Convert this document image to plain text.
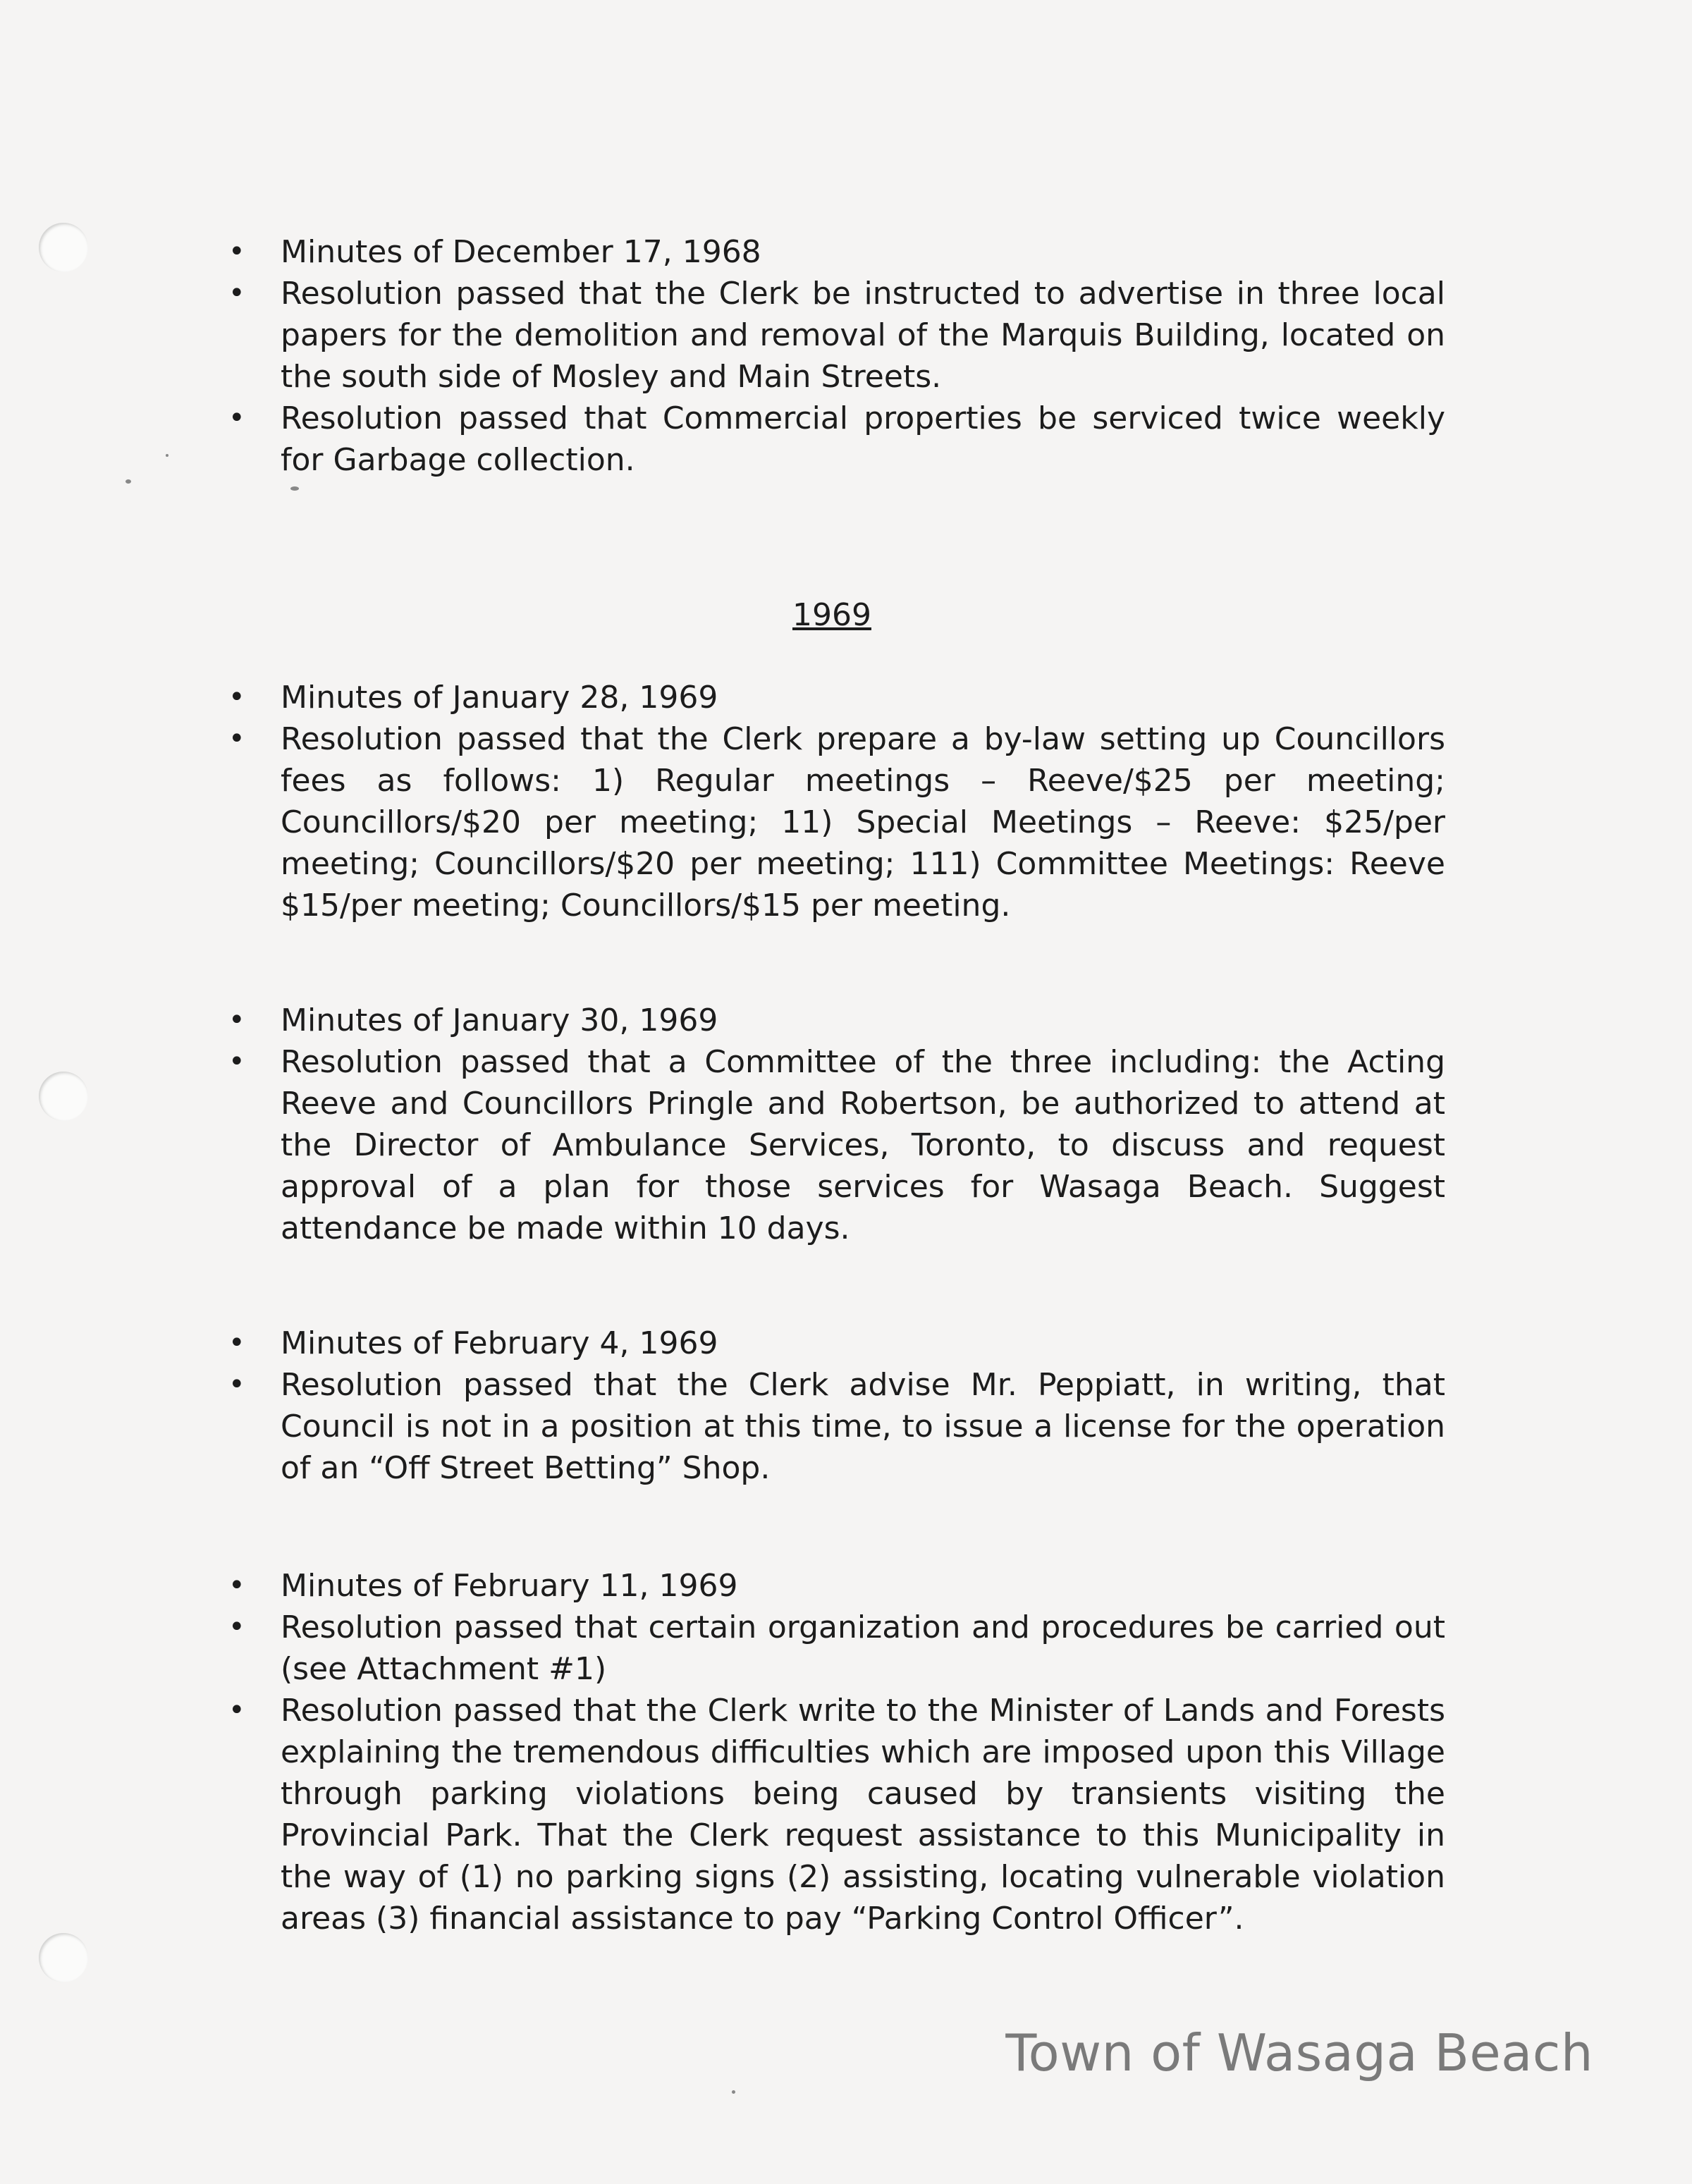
• Minutes of December 17, 1968
• Resolution passed that the Clerk be instructed to advertise in three local papers for the demolition and removal of the Marquis Building, located on the south side of Mosley and Main Streets.
• Resolution passed that Commercial properties be serviced twice weekly for Garbage collection.
1969
• Minutes of January 28, 1969
• Resolution passed that the Clerk prepare a by-law setting up Councillors fees as follows: 1) Regular meetings – Reeve/$25 per meeting; Councillors/$20 per meeting; 11) Special Meetings – Reeve: $25/per meeting; Councillors/$20 per meeting; 111) Committee Meetings: Reeve $15/per meeting; Councillors/$15 per meeting.
• Minutes of January 30, 1969
• Resolution passed that a Committee of the three including: the Acting Reeve and Councillors Pringle and Robertson, be authorized to attend at the Director of Ambulance Services, Toronto, to discuss and request approval of a plan for those services for Wasaga Beach. Suggest attendance be made within 10 days.
• Minutes of February 4, 1969
• Resolution passed that the Clerk advise Mr. Peppiatt, in writing, that Council is not in a position at this time, to issue a license for the operation of an “Off Street Betting” Shop.
• Minutes of February 11, 1969
• Resolution passed that certain organization and procedures be carried out (see Attachment #1)
• Resolution passed that the Clerk write to the Minister of Lands and Forests explaining the tremendous difficulties which are imposed upon this Village through parking violations being caused by transients visiting the Provincial Park. That the Clerk request assistance to this Municipality in the way of (1) no parking signs (2) assisting, locating vulnerable violation areas (3) financial assistance to pay “Parking Control Officer”.
Town of Wasaga Beach
